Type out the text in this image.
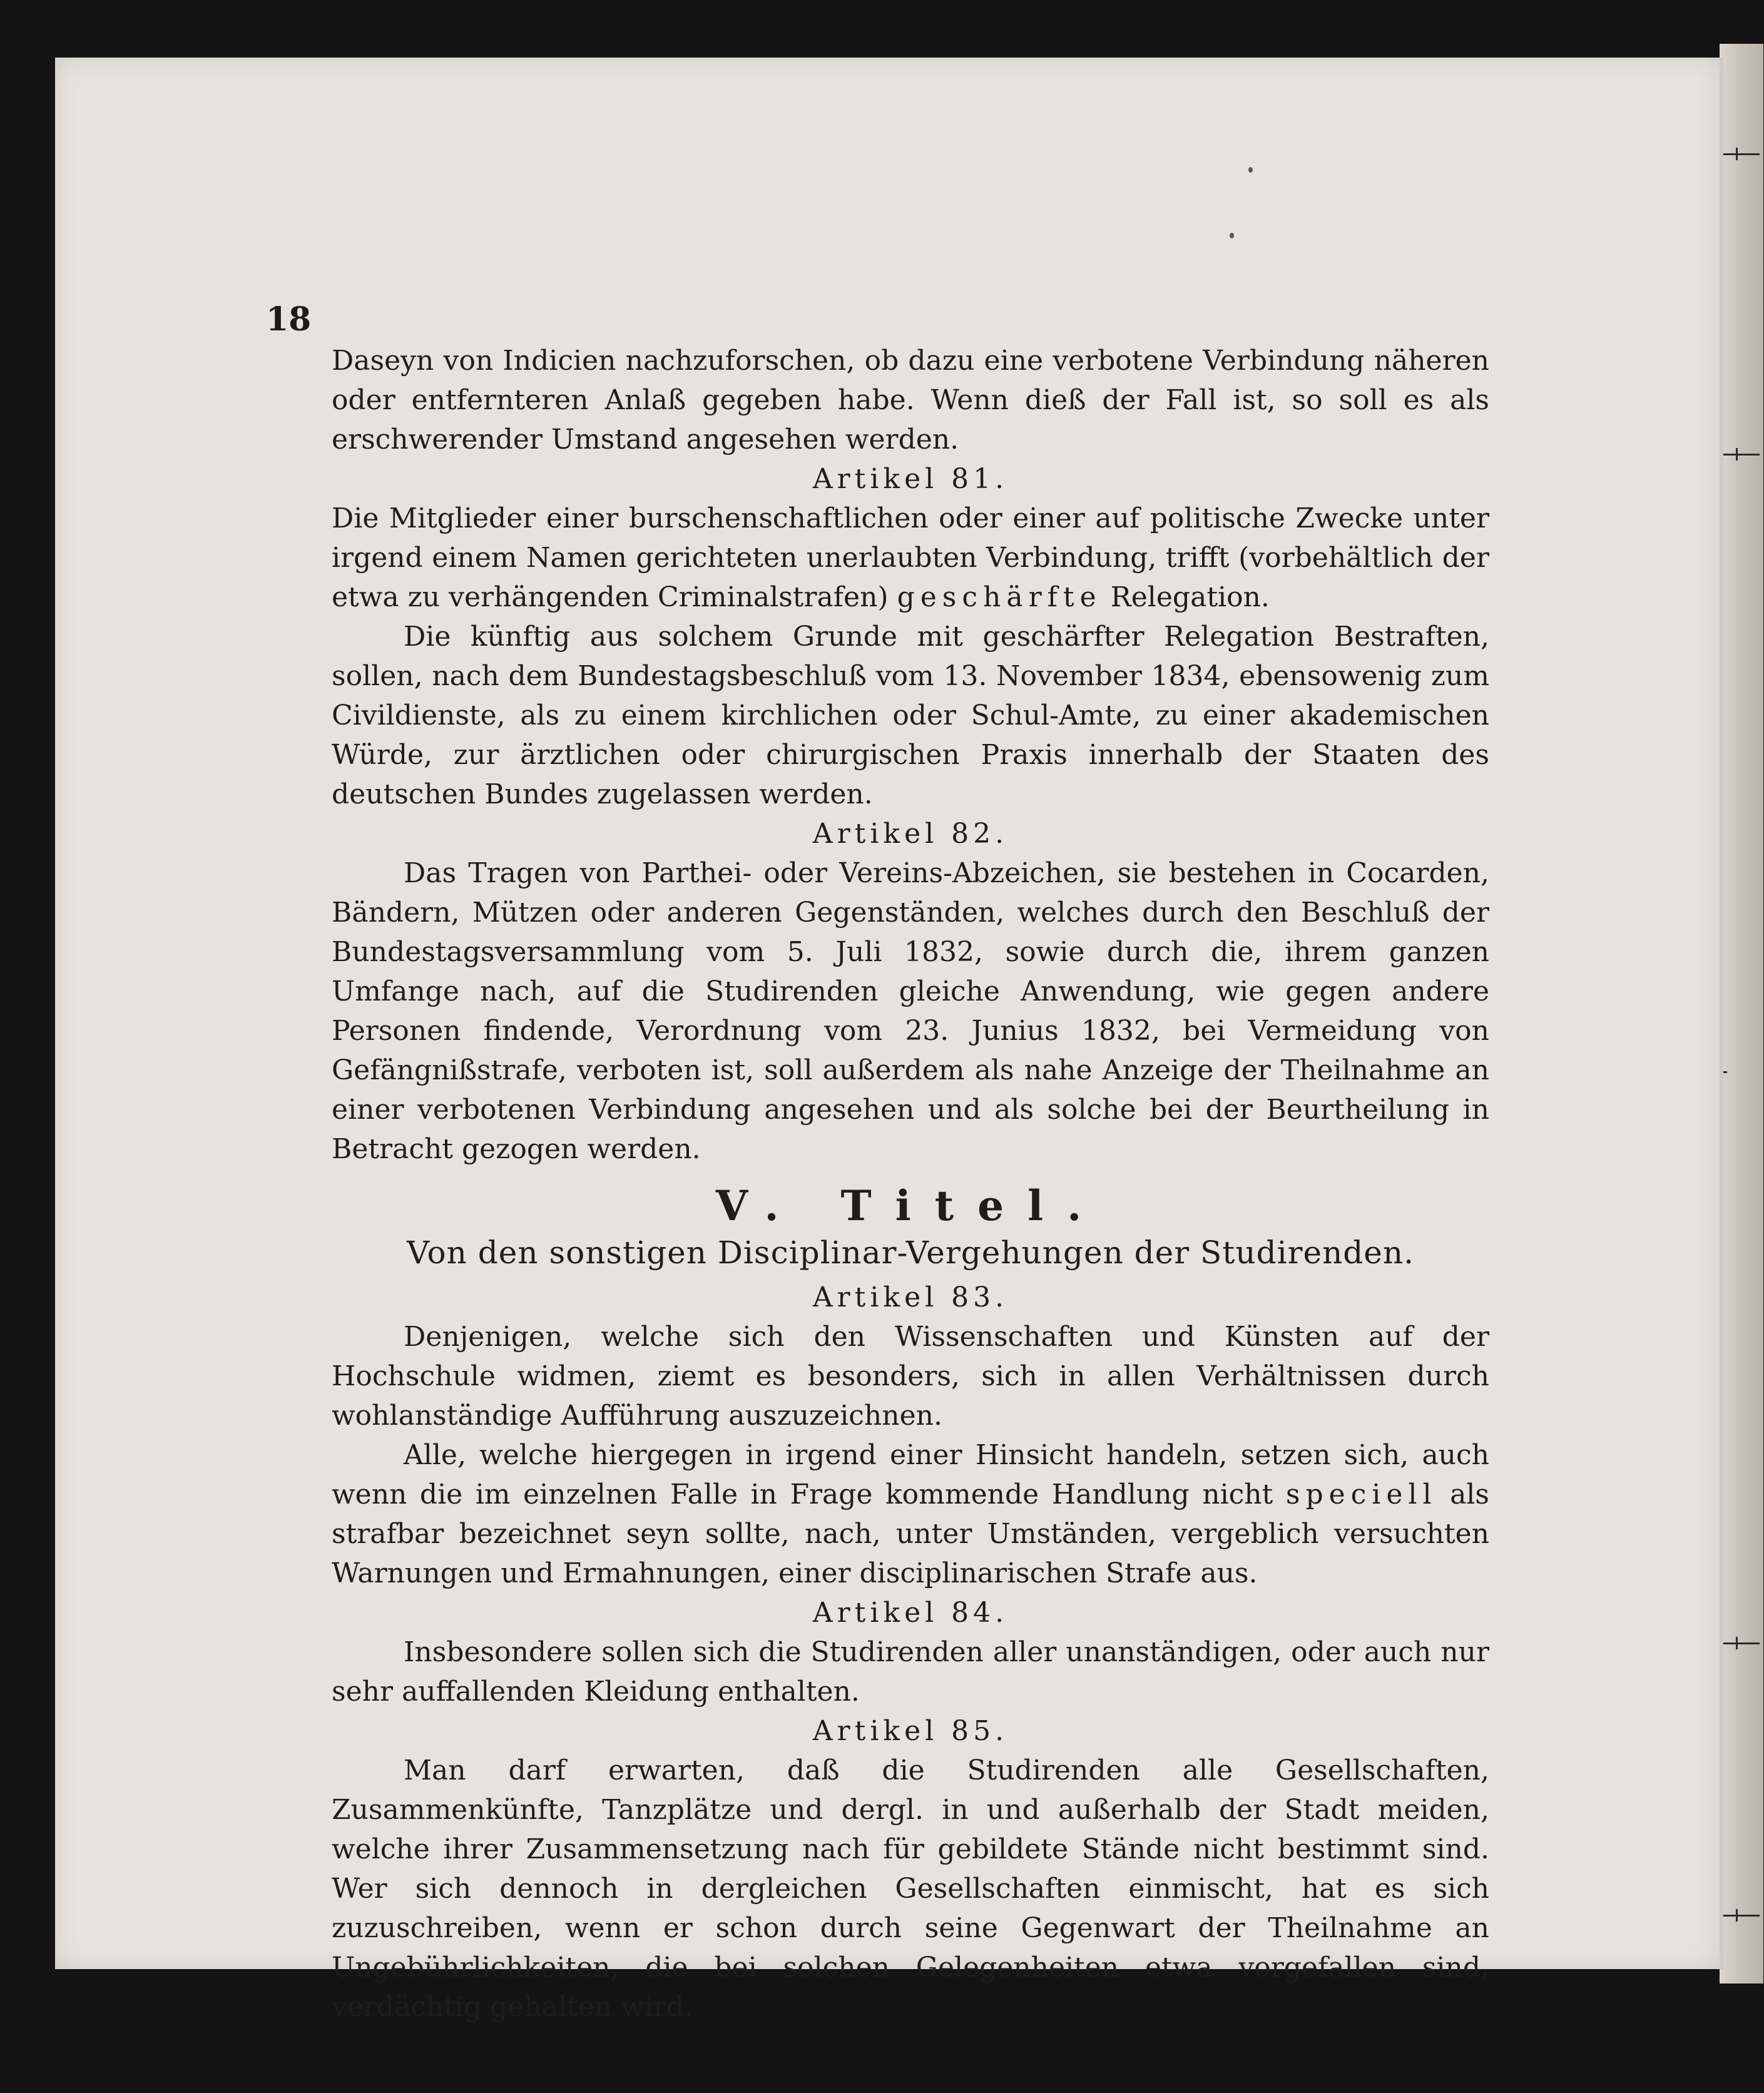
18

Daseyn von Indicien nachzuforschen, ob dazu eine verbotene Verbindung näheren oder entfernteren Anlaß gegeben habe. Wenn dieß der Fall ist, so soll es als erschwerender Umstand angesehen werden.

Artikel 81.

Die Mitglieder einer burschenschaftlichen oder einer auf politische Zwecke unter irgend einem Namen gerichteten unerlaubten Verbindung, trifft (vorbehältlich der etwa zu verhängenden Criminalstrafen) geschärfte Relegation.

Die künftig aus solchem Grunde mit geschärfter Relegation Bestraften, sollen, nach dem Bundestagsbeschluß vom 13. November 1834, ebensowenig zum Civildienste, als zu einem kirchlichen oder Schul-Amte, zu einer akademischen Würde, zur ärztlichen oder chirurgischen Praxis innerhalb der Staaten des deutschen Bundes zugelassen werden.

Artikel 82.

Das Tragen von Parthei- oder Vereins-Abzeichen, sie bestehen in Cocarden, Bändern, Mützen oder anderen Gegenständen, welches durch den Beschluß der Bundestagsversammlung vom 5. Juli 1832, sowie durch die, ihrem ganzen Umfange nach, auf die Studirenden gleiche Anwendung, wie gegen andere Personen findende, Verordnung vom 23. Junius 1832, bei Vermeidung von Gefängnißstrafe, verboten ist, soll außerdem als nahe Anzeige der Theilnahme an einer verbotenen Verbindung angesehen und als solche bei der Beurtheilung in Betracht gezogen werden.

V. Titel.

Von den sonstigen Disciplinar-Vergehungen der Studirenden.

Artikel 83.

Denjenigen, welche sich den Wissenschaften und Künsten auf der Hochschule widmen, ziemt es besonders, sich in allen Verhältnissen durch wohlanständige Aufführung auszuzeichnen.

Alle, welche hiergegen in irgend einer Hinsicht handeln, setzen sich, auch wenn die im einzelnen Falle in Frage kommende Handlung nicht speciell als strafbar bezeichnet seyn sollte, nach, unter Umständen, vergeblich versuchten Warnungen und Ermahnungen, einer disciplinarischen Strafe aus.

Artikel 84.

Insbesondere sollen sich die Studirenden aller unanständigen, oder auch nur sehr auffallenden Kleidung enthalten.

Artikel 85.

Man darf erwarten, daß die Studirenden alle Gesellschaften, Zusammenkünfte, Tanzplätze und dergl. in und außerhalb der Stadt meiden, welche ihrer Zusammensetzung nach für gebildete Stände nicht bestimmt sind. Wer sich dennoch in dergleichen Gesellschaften einmischt, hat es sich zuzuschreiben, wenn er schon durch seine Gegenwart der Theilnahme an Ungebührlichkeiten, die bei solchen Gelegenheiten etwa vorgefallen sind, verdächtig gehalten wird.
